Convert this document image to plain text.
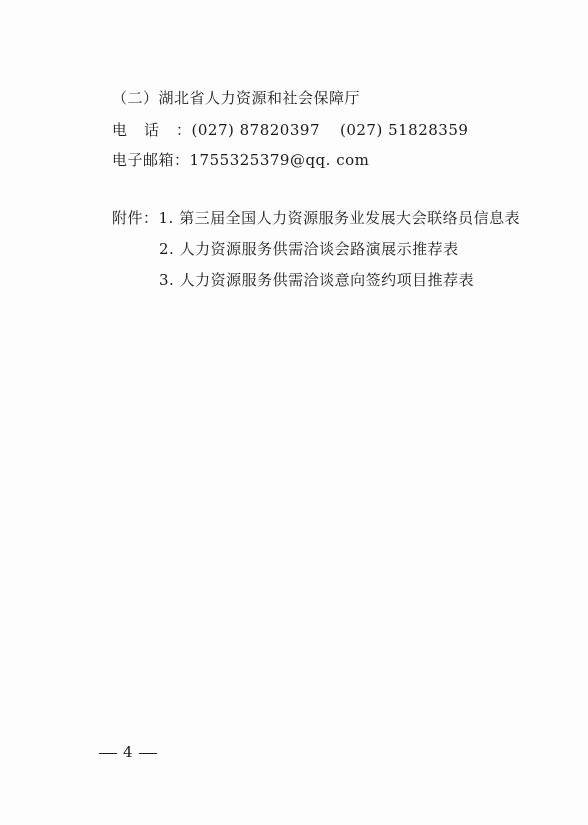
（二）湖北省人力资源和社会保障厅
电话：(027) 87820397 (027) 51828359
电子邮箱：1755325379@qq. com
附件：1. 第三届全国人力资源服务业发展大会联络员信息表
2. 人力资源服务供需洽谈会路演展示推荐表
3. 人力资源服务供需洽谈意向签约项目推荐表
4
